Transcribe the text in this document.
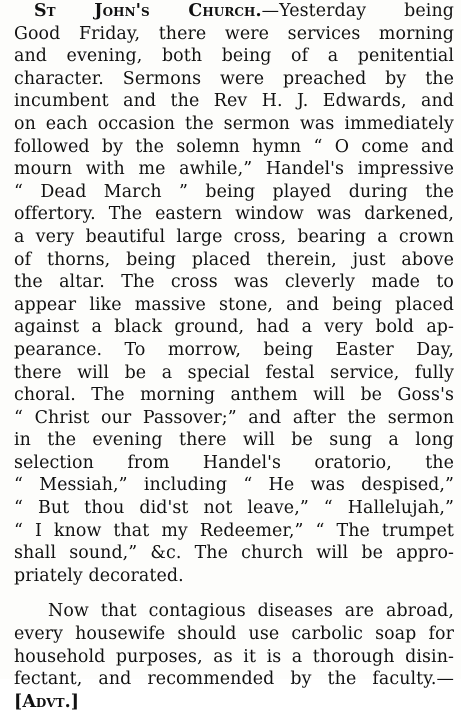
St John's Church.—Yesterday being
Good Friday, there were services morning
and evening, both being of a penitential
character. Sermons were preached by the
incumbent and the Rev H. J. Edwards, and
on each occasion the sermon was immediately
followed by the solemn hymn “ O come and
mourn with me awhile,” Handel's impressive
“ Dead March ” being played during the
offertory. The eastern window was darkened,
a very beautiful large cross, bearing a crown
of thorns, being placed therein, just above
the altar. The cross was cleverly made to
appear like massive stone, and being placed
against a black ground, had a very bold ap-
pearance. To morrow, being Easter Day,
there will be a special festal service, fully
choral. The morning anthem will be Goss's
“ Christ our Passover;” and after the sermon
in the evening there will be sung a long
selection from Handel's oratorio, the
“ Messiah,” including “ He was despised,”
“ But thou did'st not leave,” “ Hallelujah,”
“ I know that my Redeemer,” “ The trumpet
shall sound,” &c. The church will be appro-
priately decorated.
Now that contagious diseases are abroad,
every housewife should use carbolic soap for
household purposes, as it is a thorough disin-
fectant, and recommended by the faculty.—
[Advt.]
